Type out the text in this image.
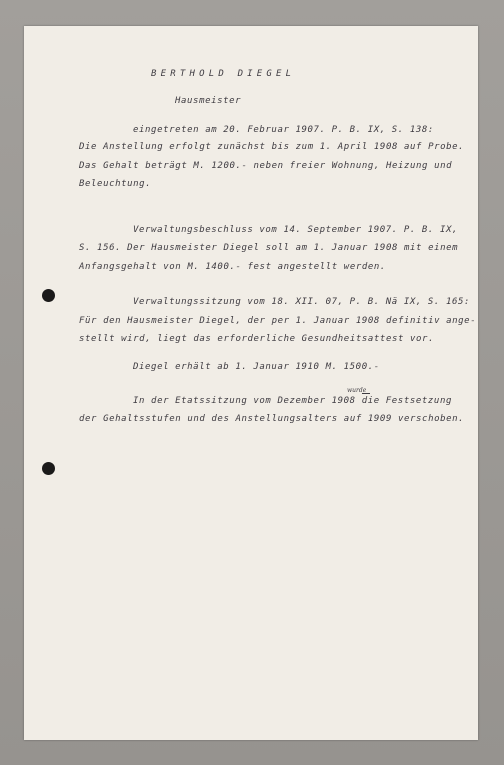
BERTHOLD DIEGEL
Hausmeister
eingetreten am 20. Februar 1907. P. B. IX, S. 138:
Die Anstellung erfolgt zunächst bis zum 1. April 1908 auf Probe.
Das Gehalt beträgt M. 1200.- neben freier Wohnung, Heizung und
Beleuchtung.
Verwaltungsbeschluss vom 14. September 1907. P. B. IX,
S. 156. Der Hausmeister Diegel soll am 1. Januar 1908 mit einem
Anfangsgehalt von M. 1400.- fest angestellt werden.
Verwaltungssitzung vom 18. XII. 07, P. B. Nä IX, S. 165:
Für den Hausmeister Diegel, der per 1. Januar 1908 definitiv ange-
stellt wird, liegt das erforderliche Gesundheitsattest vor.
Diegel erhält ab 1. Januar 1910 M. 1500.-
wurde
In der Etatssitzung vom Dezember 1908 die Festsetzung
der Gehaltsstufen und des Anstellungsalters auf 1909 verschoben.
